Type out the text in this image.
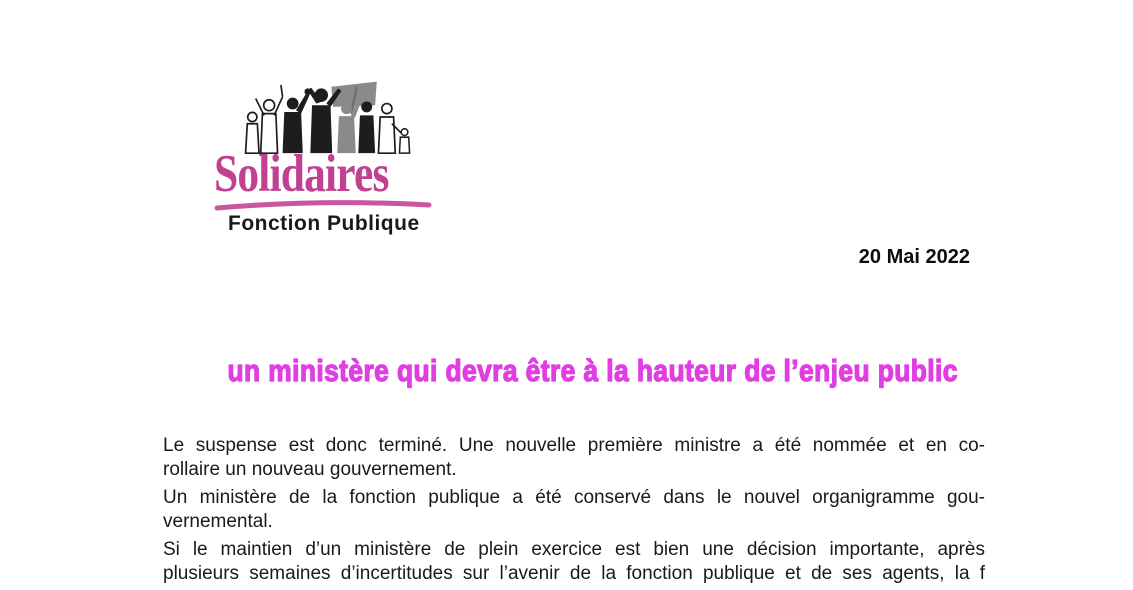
Solidaires
Fonction Publique
20 Mai 2022
un ministère qui devra être à la hauteur de l’enjeu public
Le suspense est donc terminé. Une nouvelle première ministre a été nommée et en co-
rollaire un nouveau gouvernement.
Un ministère de la fonction publique a été conservé dans le nouvel organigramme gou-
vernemental.
Si le maintien d’un ministère de plein exercice est bien une décision importante, après
plusieurs semaines d’incertitudes sur l’avenir de la fonction publique et de ses agents, la f
